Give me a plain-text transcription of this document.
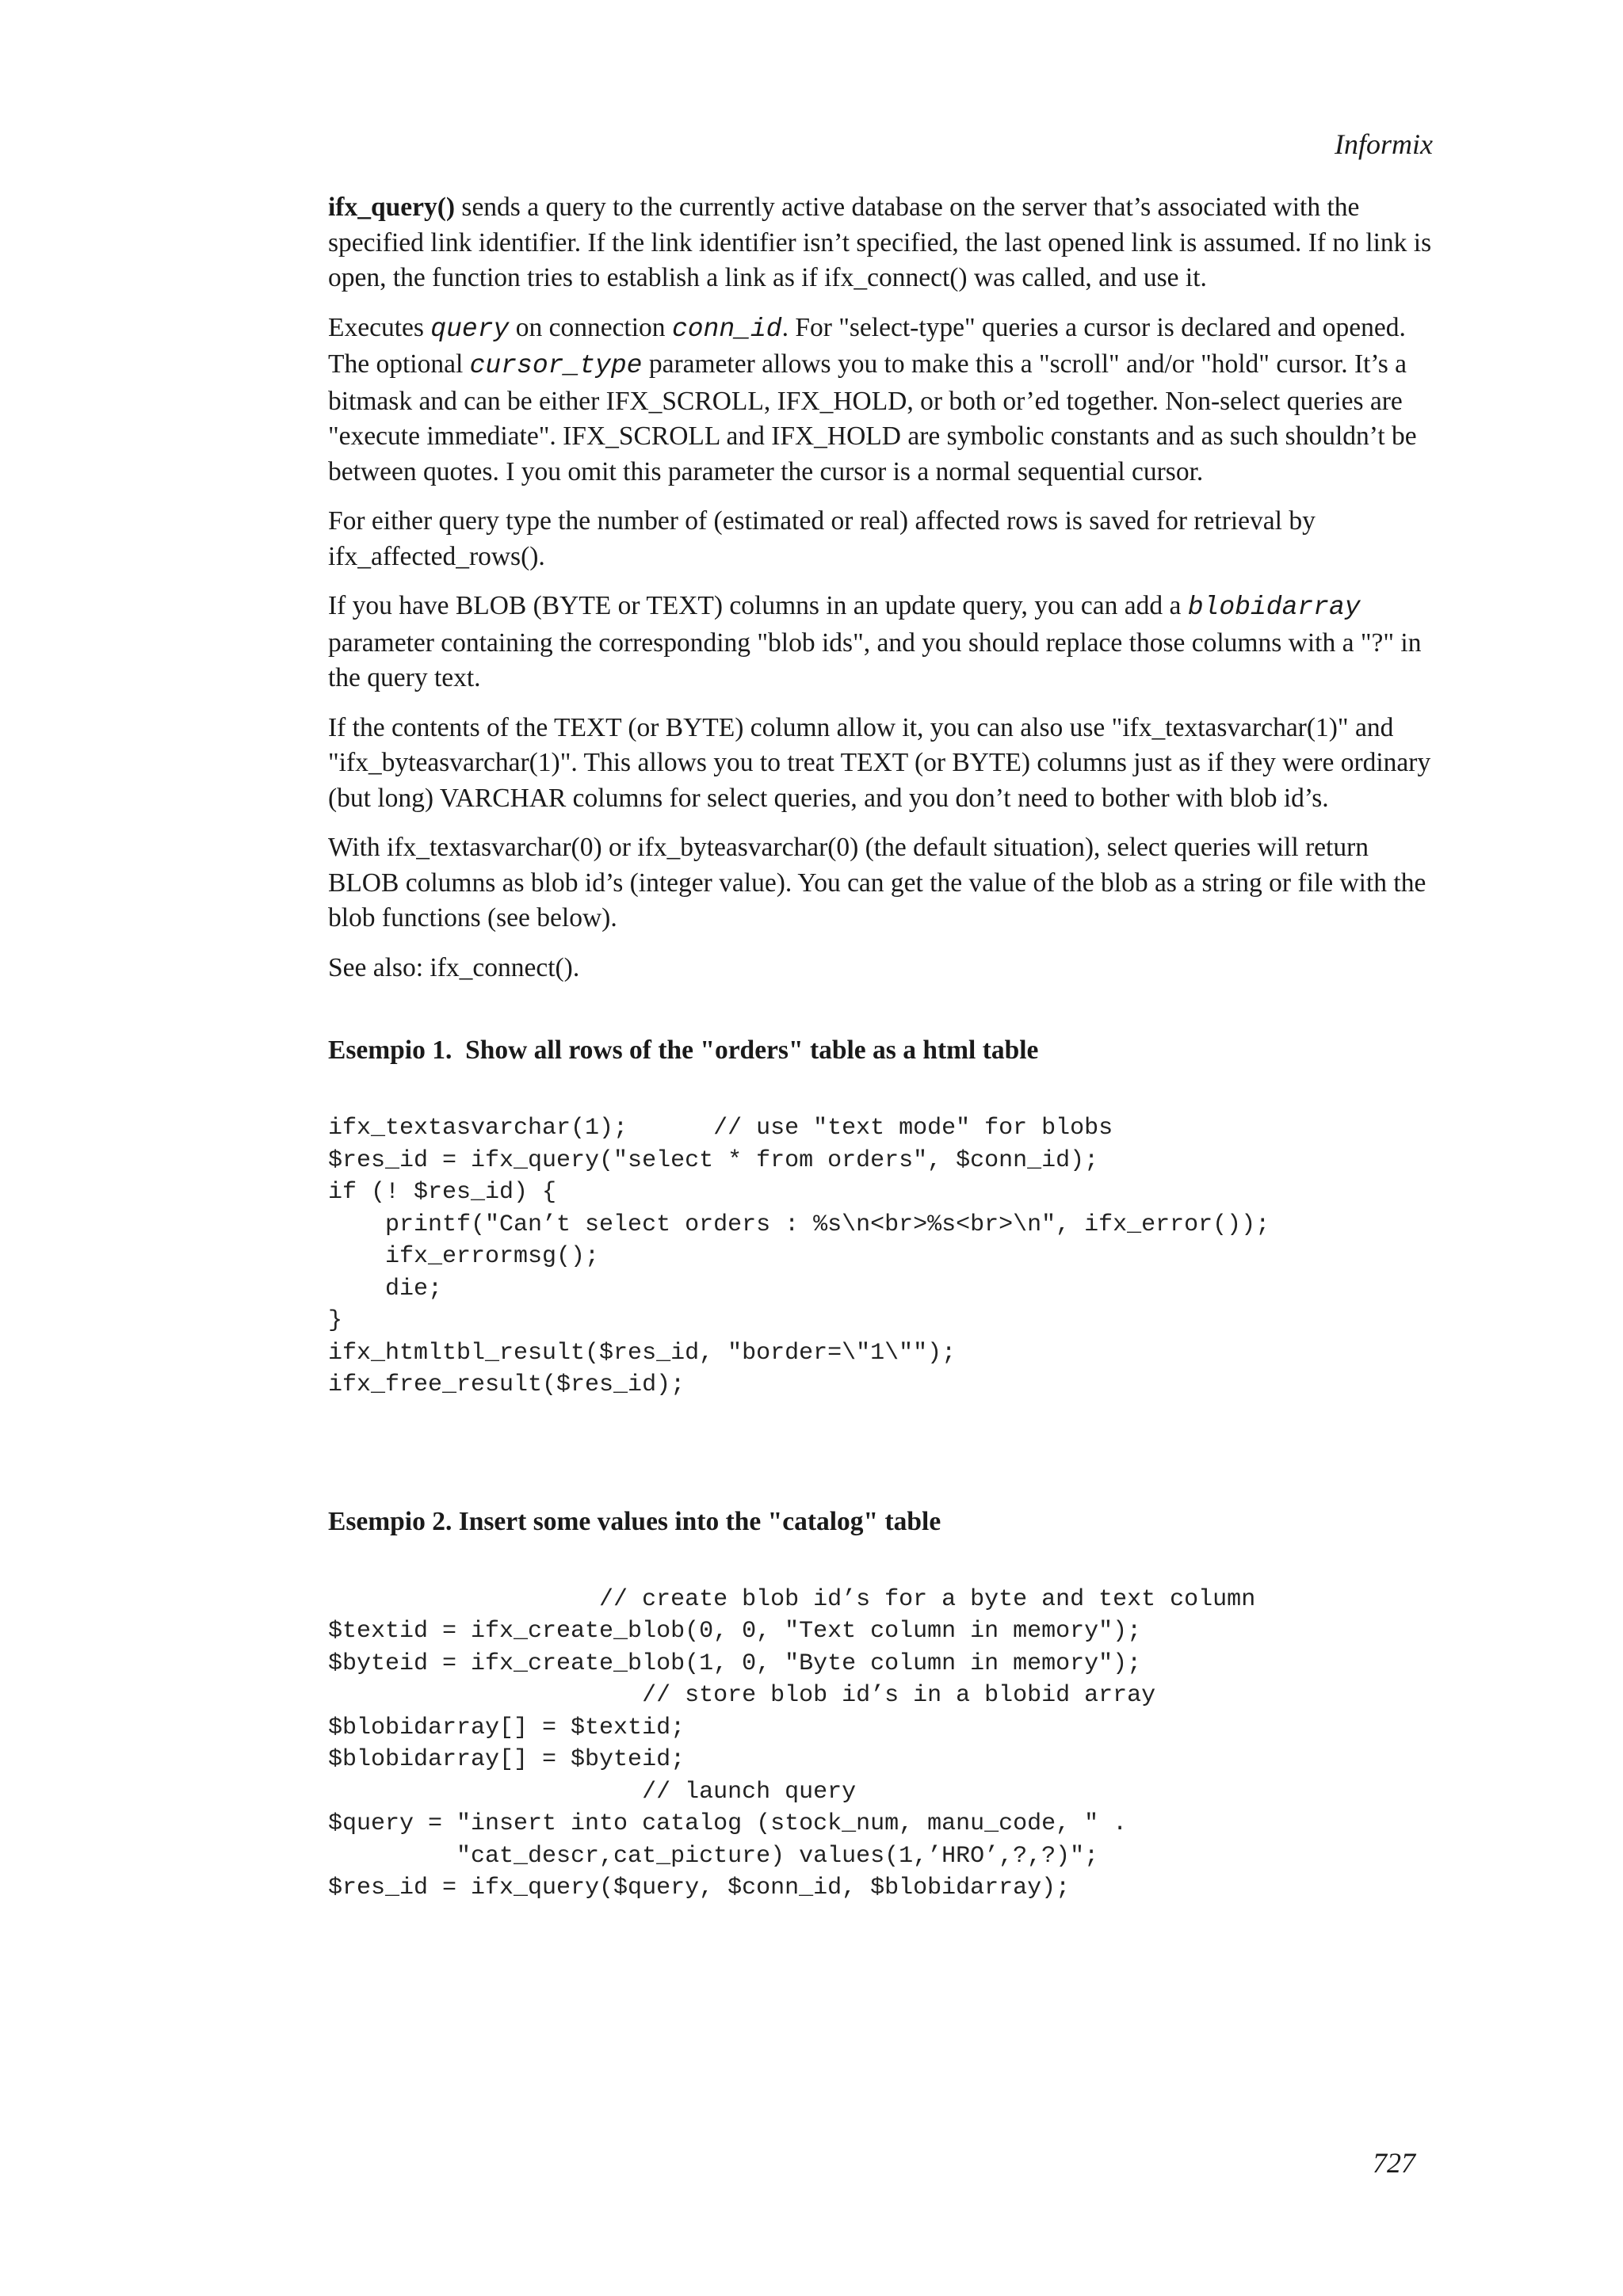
Informix

ifx_query() sends a query to the currently active database on the server that’s associated with the specified link identifier. If the link identifier isn’t specified, the last opened link is assumed. If no link is open, the function tries to establish a link as if ifx_connect() was called, and use it.

Executes query on connection conn_id. For "select-type" queries a cursor is declared and opened. The optional cursor_type parameter allows you to make this a "scroll" and/or "hold" cursor. It’s a bitmask and can be either IFX_SCROLL, IFX_HOLD, or both or’ed together. Non-select queries are "execute immediate". IFX_SCROLL and IFX_HOLD are symbolic constants and as such shouldn’t be between quotes. I you omit this parameter the cursor is a normal sequential cursor.

For either query type the number of (estimated or real) affected rows is saved for retrieval by ifx_affected_rows().

If you have BLOB (BYTE or TEXT) columns in an update query, you can add a blobidarray parameter containing the corresponding "blob ids", and you should replace those columns with a "?" in the query text.

If the contents of the TEXT (or BYTE) column allow it, you can also use "ifx_textasvarchar(1)" and "ifx_byteasvarchar(1)". This allows you to treat TEXT (or BYTE) columns just as if they were ordinary (but long) VARCHAR columns for select queries, and you don’t need to bother with blob id’s.

With ifx_textasvarchar(0) or ifx_byteasvarchar(0) (the default situation), select queries will return BLOB columns as blob id’s (integer value). You can get the value of the blob as a string or file with the blob functions (see below).

See also: ifx_connect().

Esempio 1.  Show all rows of the "orders" table as a html table

ifx_textasvarchar(1);      // use "text mode" for blobs
$res_id = ifx_query("select * from orders", $conn_id);
if (! $res_id) {
printf("Can’t select orders : %s\n<br>%s<br>\n", ifx_error());
ifx_errormsg();
die;
}
ifx_htmltbl_result($res_id, "border=\"1\"");
ifx_free_result($res_id);

Esempio 2. Insert some values into the "catalog" table

// create blob id’s for a byte and text column
$textid = ifx_create_blob(0, 0, "Text column in memory");
$byteid = ifx_create_blob(1, 0, "Byte column in memory");
// store blob id’s in a blobid array
$blobidarray[] = $textid;
$blobidarray[] = $byteid;
// launch query
$query = "insert into catalog (stock_num, manu_code, " .
"cat_descr,cat_picture) values(1,’HRO’,?,?)";
$res_id = ifx_query($query, $conn_id, $blobidarray);
727
